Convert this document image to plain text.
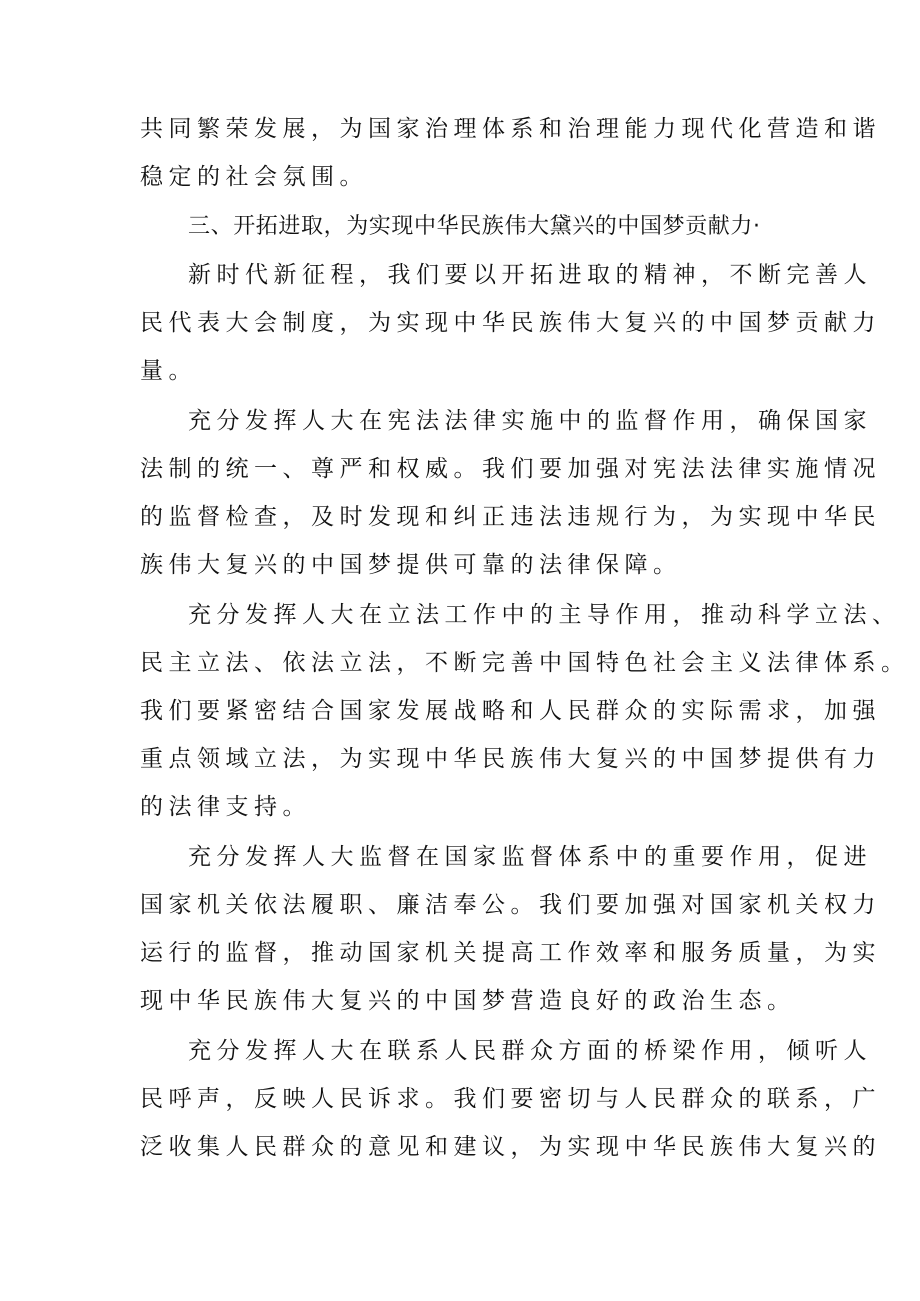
共同繁荣发展，为国家治理体系和治理能力现代化营造和谐
稳定的社会氛围。
三、开拓进取，为实现中华民族伟大黛兴的中国梦贡献力·
新时代新征程，我们要以开拓进取的精神，不断完善人
民代表大会制度，为实现中华民族伟大复兴的中国梦贡献力
量。
充分发挥人大在宪法法律实施中的监督作用，确保国家
法制的统一、尊严和权威。我们要加强对宪法法律实施情况
的监督检查，及时发现和纠正违法违规行为，为实现中华民
族伟大复兴的中国梦提供可靠的法律保障。
充分发挥人大在立法工作中的主导作用，推动科学立法、
民主立法、依法立法，不断完善中国特色社会主义法律体系。
我们要紧密结合国家发展战略和人民群众的实际需求，加强
重点领域立法，为实现中华民族伟大复兴的中国梦提供有力
的法律支持。
充分发挥人大监督在国家监督体系中的重要作用，促进
国家机关依法履职、廉洁奉公。我们要加强对国家机关权力
运行的监督，推动国家机关提高工作效率和服务质量，为实
现中华民族伟大复兴的中国梦营造良好的政治生态。
充分发挥人大在联系人民群众方面的桥梁作用，倾听人
民呼声，反映人民诉求。我们要密切与人民群众的联系，广
泛收集人民群众的意见和建议，为实现中华民族伟大复兴的
